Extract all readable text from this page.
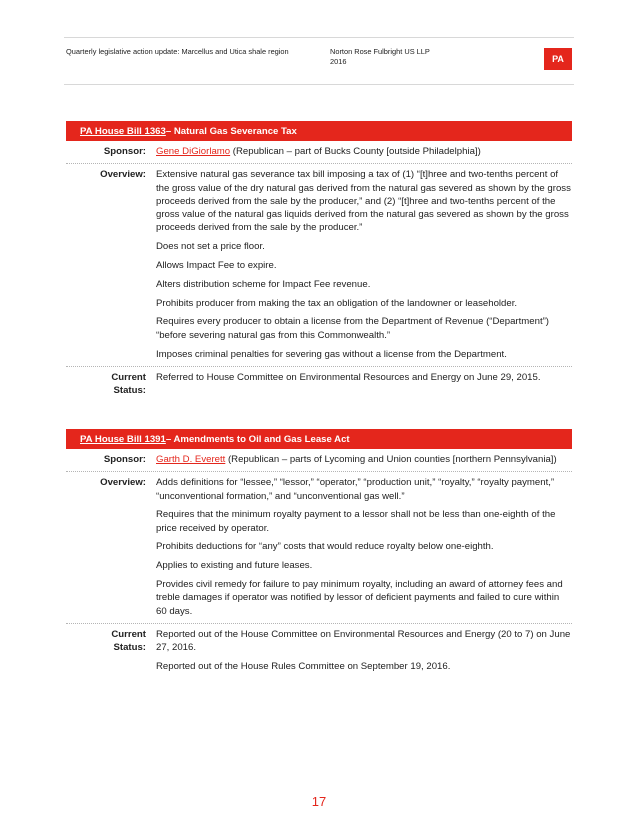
Quarterly legislative action update: Marcellus and Utica shale region	Norton Rose Fulbright US LLP
2016	PA
PA House Bill 1363 – Natural Gas Severance Tax
Sponsor: Gene DiGiorlamo (Republican – part of Bucks County [outside Philadelphia])
Overview: Extensive natural gas severance tax bill imposing a tax of (1) “[t]hree and two-tenths percent of the gross value of the dry natural gas derived from the natural gas severed as shown by the gross proceeds derived from the sale by the producer,” and (2) “[t]hree and two-tenths percent of the gross value of the natural gas liquids derived from the natural gas severed as shown by the gross proceeds derived from the sale by the producer.”

Does not set a price floor.

Allows Impact Fee to expire.

Alters distribution scheme for Impact Fee revenue.

Prohibits producer from making the tax an obligation of the landowner or leaseholder.

Requires every producer to obtain a license from the Department of Revenue (“Department”) “before severing natural gas from this Commonwealth.”

Imposes criminal penalties for severing gas without a license from the Department.

Current
Status:

Referred to House Committee on Environmental Resources and Energy on June 29, 2015.

PA House Bill 1391 – Amendments to Oil and Gas Lease Act
Sponsor: Garth D. Everett (Republican – parts of Lycoming and Union counties [northern Pennsylvania])
Overview: Adds definitions for “lessee,” “lessor,” “operator,” “production unit,” “royalty,” “royalty payment,” “unconventional formation,” and “unconventional gas well.”

Requires that the minimum royalty payment to a lessor shall not be less than one-eighth of the price received by operator.

Prohibits deductions for “any” costs that would reduce royalty below one-eighth.

Applies to existing and future leases.

Provides civil remedy for failure to pay minimum royalty, including an award of attorney fees and treble damages if operator was notified by lessor of deficient payments and failed to cure within 60 days.

Current
Status:

Reported out of the House Committee on Environmental Resources and Energy (20 to 7) on June 27, 2016.

Reported out of the House Rules Committee on September 19, 2016.

17
